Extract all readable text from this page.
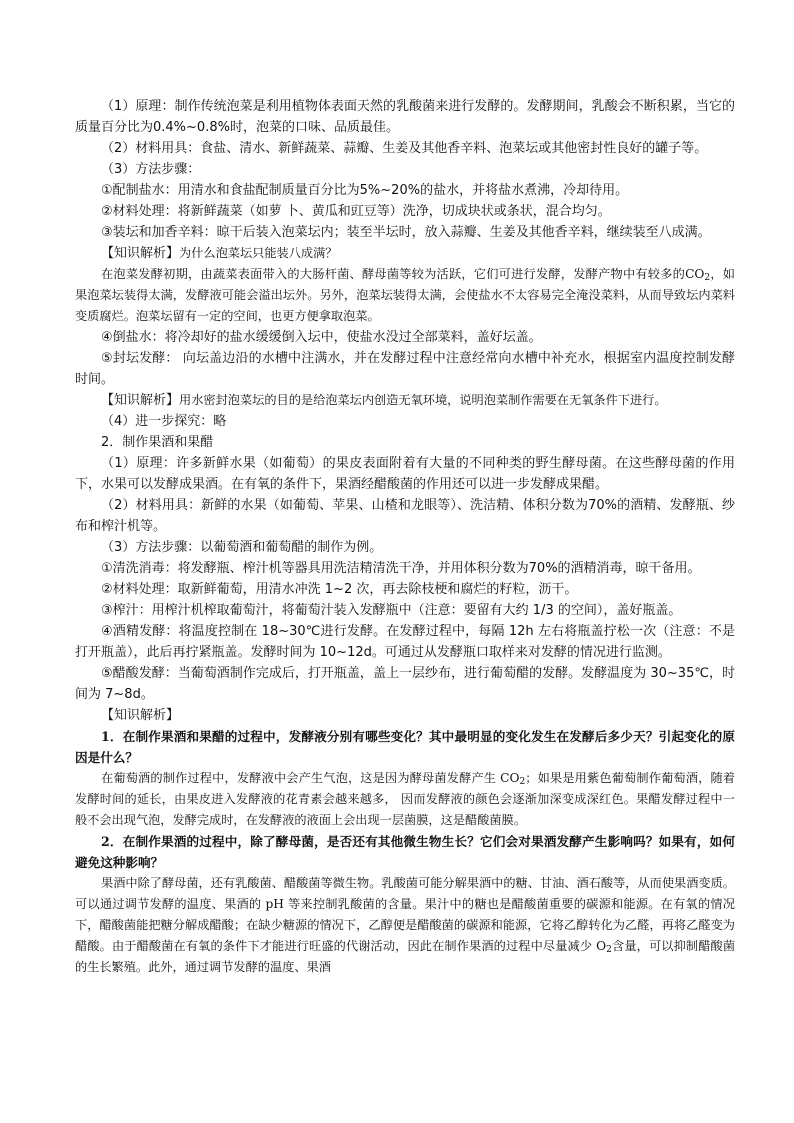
（1）原理：制作传统泡菜是利用植物体表面天然的乳酸菌来进行发酵的。发酵期间，乳酸会不断积累，当它的质量百分比为0.4%~0.8%时，泡菜的口味、品质最佳。

（2）材料用具：食盐、清水、新鲜蔬菜、蒜瓣、生姜及其他香辛料、泡菜坛或其他密封性良好的罐子等。

（3）方法步骤：

①配制盐水：用清水和食盐配制质量百分比为5%~20%的盐水，并将盐水煮沸，冷却待用。

②材料处理：将新鲜蔬菜（如萝 卜、黄瓜和豇豆等）洗净，切成块状或条状，混合均匀。

③装坛和加香辛料：晾干后装入泡菜坛内；装至半坛时，放入蒜瓣、生姜及其他香辛料，继续装至八成满。

【知识解析】为什么泡菜坛只能装八成满？

在泡菜发酵初期，由蔬菜表面带入的大肠杆菌、酵母菌等较为活跃，它们可进行发酵，发酵产物中有较多的$CO_2$，如果泡菜坛装得太满，发酵液可能会溢出坛外。另外，泡菜坛装得太满，会使盐水不太容易完全淹没菜料，从而导致坛内菜料变质腐烂。泡菜坛留有一定的空间，也更方便拿取泡菜。

④倒盐水：将冷却好的盐水缓缓倒入坛中，使盐水没过全部菜料，盖好坛盖。

⑤封坛发酵： 向坛盖边沿的水槽中注满水，并在发酵过程中注意经常向水槽中补充水，根据室内温度控制发酵时间。

【知识解析】用水密封泡菜坛的目的是给泡菜坛内创造无氧环境，说明泡菜制作需要在无氧条件下进行。

（4）进一步探究：略

2．制作果酒和果醋

（1）原理：许多新鲜水果（如葡萄）的果皮表面附着有大量的不同种类的野生酵母菌。在这些酵母菌的作用下，水果可以发酵成果酒。在有氧的条件下，果酒经醋酸菌的作用还可以进一步发酵成果醋。

（2）材料用具：新鲜的水果（如葡萄、苹果、山楂和龙眼等）、洗洁精、体积分数为70%的酒精、发酵瓶、纱布和榨汁机等。

（3）方法步骤：以葡萄酒和葡萄醋的制作为例。

①清洗消毒：将发酵瓶、榨汁机等器具用洗洁精清洗干净，并用体积分数为70%的酒精消毒，晾干备用。

②材料处理：取新鲜葡萄，用清水冲洗 1~2 次，再去除枝梗和腐烂的籽粒，沥干。

③榨汁：用榨汁机榨取葡萄汁，将葡萄汁装入发酵瓶中（注意：要留有大约 1/3 的空间），盖好瓶盖。

④酒精发酵：将温度控制在 18~30℃进行发酵。在发酵过程中，每隔 12h 左右将瓶盖拧松一次（注意：不是打开瓶盖），此后再拧紧瓶盖。发酵时间为 10~12d。可通过从发酵瓶口取样来对发酵的情况进行监测。

⑤醋酸发酵：当葡萄酒制作完成后，打开瓶盖，盖上一层纱布，进行葡萄醋的发酵。发酵温度为 30~35℃，时间为 7~8d。

【知识解析】

1．在制作果酒和果醋的过程中，发酵液分别有哪些变化？其中最明显的变化发生在发酵后多少天？引起变化的原因是什么？

在葡萄酒的制作过程中，发酵液中会产生气泡，这是因为酵母菌发酵产生 $CO_2$；如果是用紫色葡萄制作葡萄酒，随着发酵时间的延长，由果皮进入发酵液的花青素会越来越多， 因而发酵液的颜色会逐渐加深变成深红色。果醋发酵过程中一般不会出现气泡，发酵完成时，在发酵液的液面上会出现一层菌膜，这是醋酸菌膜。

2．在制作果酒的过程中，除了酵母菌，是否还有其他微生物生长？它们会对果酒发酵产生影响吗？如果有，如何避免这种影响？

果酒中除了酵母菌，还有乳酸菌、醋酸菌等微生物。乳酸菌可能分解果酒中的糖、甘油、酒石酸等，从而使果酒变质。可以通过调节发酵的温度、果酒的 pH 等来控制乳酸菌的含量。果汁中的糖也是醋酸菌重要的碳源和能源。在有氧的情况下，醋酸菌能把糖分解成醋酸；在缺少糖源的情况下，乙醇便是醋酸菌的碳源和能源，它将乙醇转化为乙醛，再将乙醛变为醋酸。由于醋酸菌在有氧的条件下才能进行旺盛的代谢活动，因此在制作果酒的过程中尽量减少 $O_2$含量，可以抑制醋酸菌的生长繁殖。此外，通过调节发酵的温度、果酒
